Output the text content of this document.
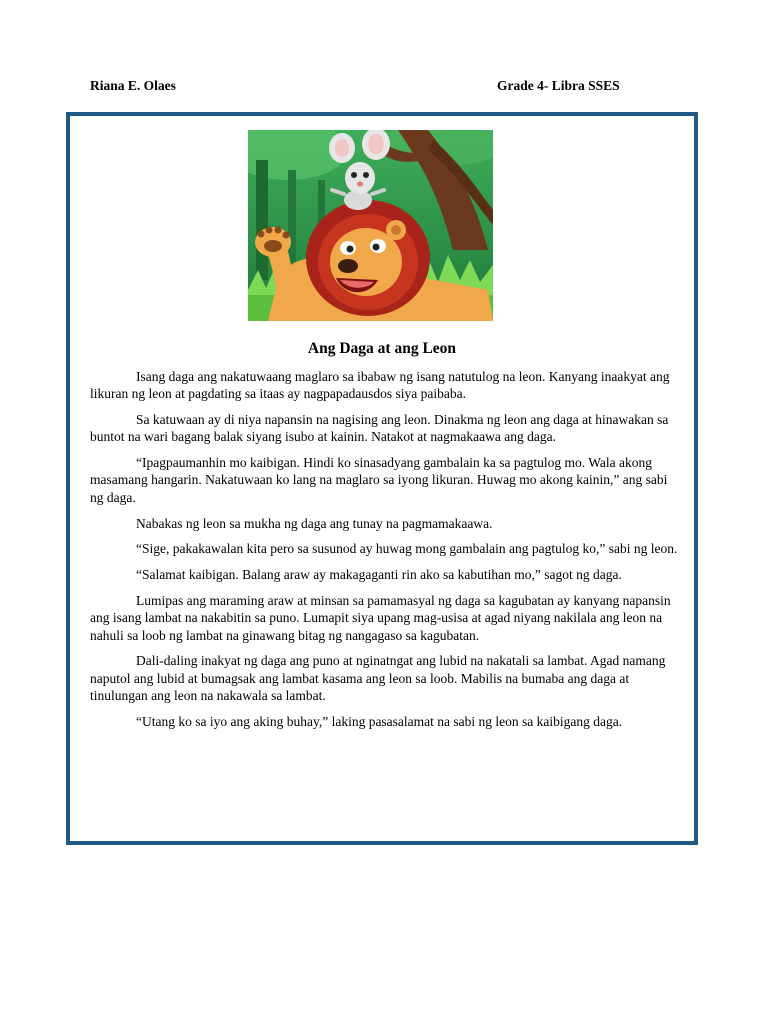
Riana E. Olaes	Grade 4- Libra SSES
Ang Daga at ang Leon

Isang daga ang nakatuwaang maglaro sa ibabaw ng isang natutulog na leon. Kanyang inaakyat ang likuran ng leon at pagdating sa itaas ay nagpapadausdos siya paibaba.

Sa katuwaan ay di niya napansin na nagising ang leon. Dinakma ng leon ang daga at hinawakan sa buntot na wari bagang balak siyang isubo at kainin. Natakot at nagmakaawa ang daga.

“Ipagpaumanhin mo kaibigan. Hindi ko sinasadyang gambalain ka sa pagtulog mo. Wala akong masamang hangarin. Nakatuwaan ko lang na maglaro sa iyong likuran. Huwag mo akong kainin,” ang sabi ng daga.

Nabakas ng leon sa mukha ng daga ang tunay na pagmamakaawa.

“Sige, pakakawalan kita pero sa susunod ay huwag mong gambalain ang pagtulog ko,” sabi ng leon.

“Salamat kaibigan. Balang araw ay makagaganti rin ako sa kabutihan mo,” sagot ng daga.

Lumipas ang maraming araw at minsan sa pamamasyal ng daga sa kagubatan ay kanyang napansin ang isang lambat na nakabitin sa puno. Lumapit siya upang mag-usisa at agad niyang nakilala ang leon na nahuli sa loob ng lambat na ginawang bitag ng nangagaso sa kagubatan.

Dali-daling inakyat ng daga ang puno at nginatngat ang lubid na nakatali sa lambat. Agad namang naputol ang lubid at bumagsak ang lambat kasama ang leon sa loob. Mabilis na bumaba ang daga at tinulungan ang leon na nakawala sa lambat.

“Utang ko sa iyo ang aking buhay,” laking pasasalamat na sabi ng leon sa kaibigang daga.
